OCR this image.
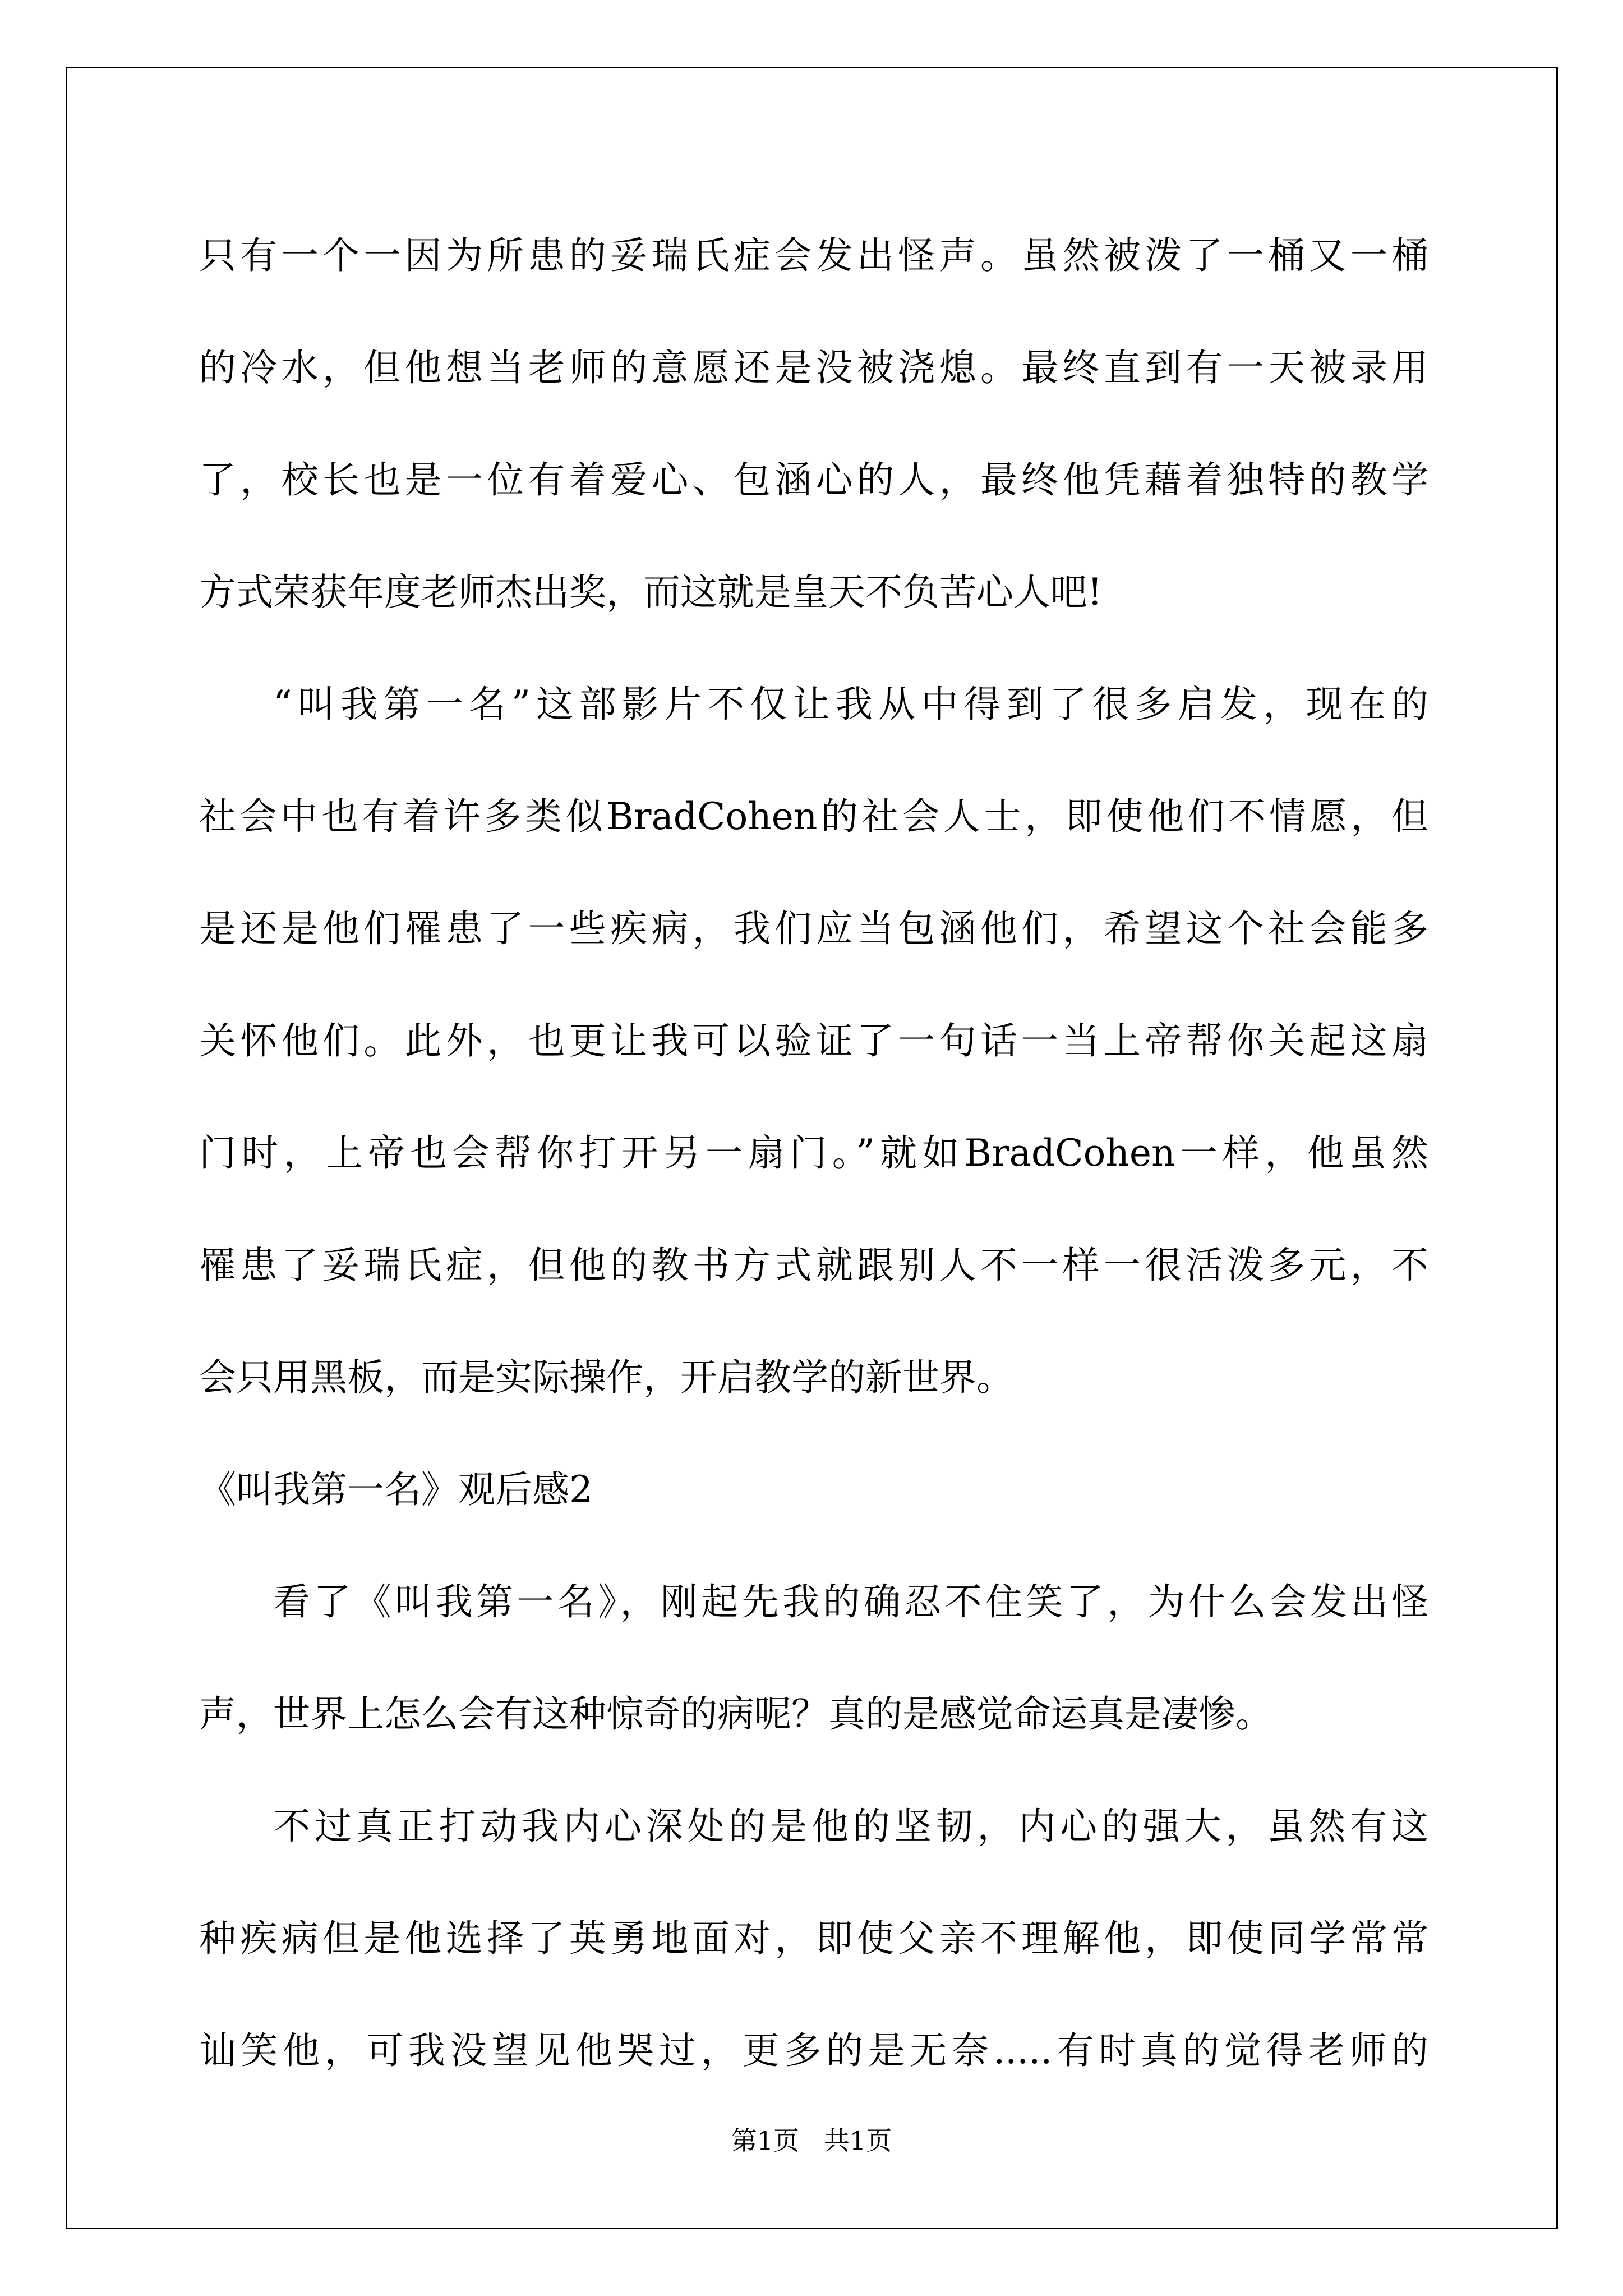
只有一个一因为所患的妥瑞氏症会发出怪声。虽然被泼了一桶又一桶
的冷水，但他想当老师的意愿还是没被浇熄。最终直到有一天被录用
了，校长也是一位有着爱心、包涵心的人，最终他凭藉着独特的教学
方式荣获年度老师杰出奖，而这就是皇天不负苦心人吧!
“叫我第一名”这部影片不仅让我从中得到了很多启发，现在的
社会中也有着许多类似BradCohen的社会人士，即使他们不情愿，但
是还是他们罹患了一些疾病，我们应当包涵他们，希望这个社会能多
关怀他们。此外，也更让我可以验证了一句话一当上帝帮你关起这扇
门时，上帝也会帮你打开另一扇门。”就如BradCohen一样，他虽然
罹患了妥瑞氏症，但他的教书方式就跟别人不一样一很活泼多元，不
会只用黑板，而是实际操作，开启教学的新世界。
《叫我第一名》观后感2
看了《叫我第一名》，刚起先我的确忍不住笑了，为什么会发出怪
声，世界上怎么会有这种惊奇的病呢？真的是感觉命运真是凄惨。
不过真正打动我内心深处的是他的坚韧，内心的强大，虽然有这
种疾病但是他选择了英勇地面对，即使父亲不理解他，即使同学常常
讪笑他，可我没望见他哭过，更多的是无奈.....有时真的觉得老师的
第1页   共1页
